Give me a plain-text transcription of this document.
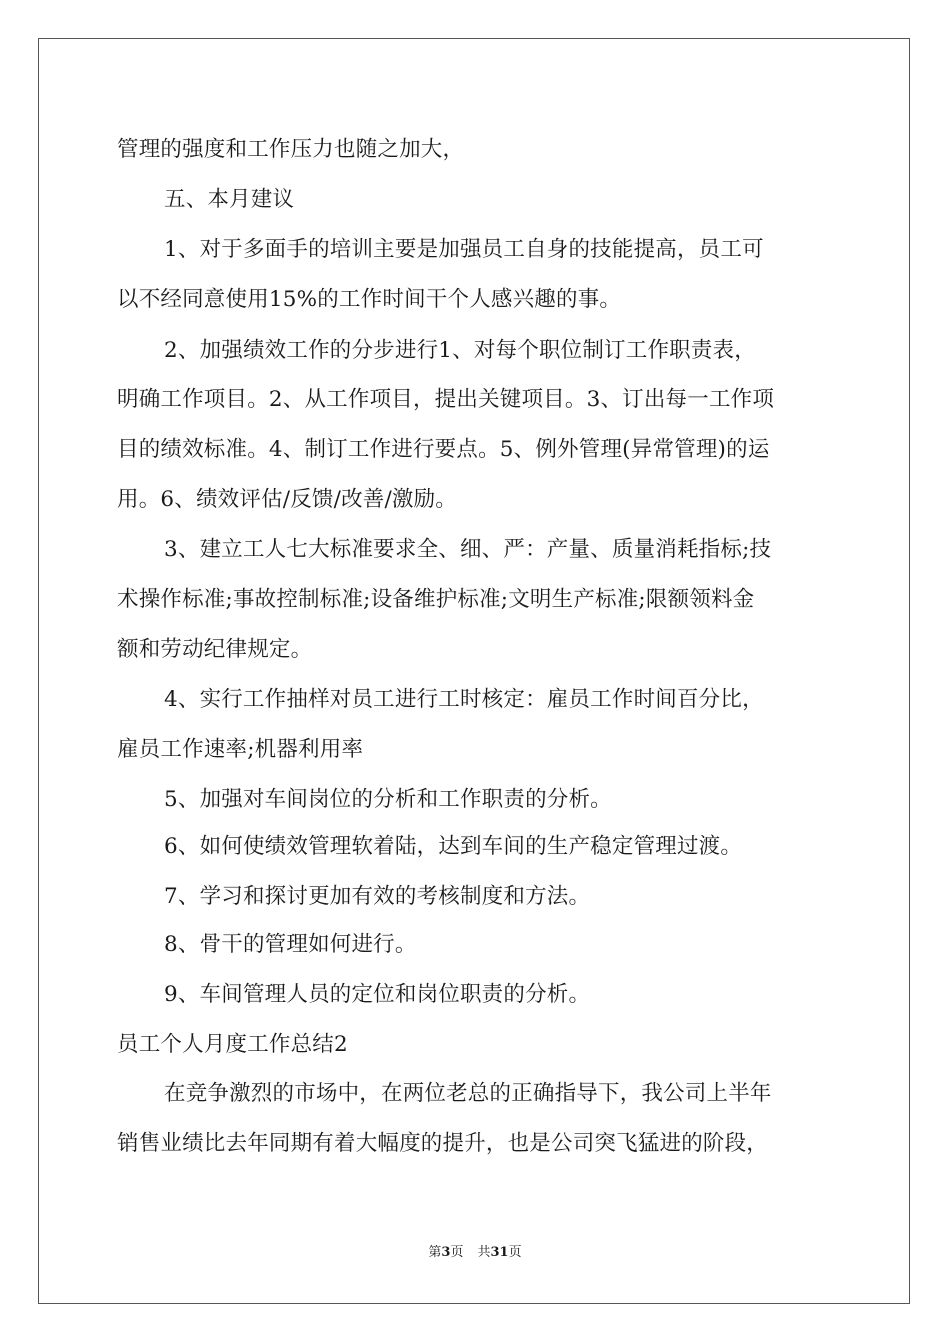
管理的强度和工作压力也随之加大，
五、本月建议
1、对于多面手的培训主要是加强员工自身的技能提高，员工可
以不经同意使用15%的工作时间干个人感兴趣的事。
2、加强绩效工作的分步进行1、对每个职位制订工作职责表，
明确工作项目。2、从工作项目，提出关键项目。3、订出每一工作项
目的绩效标准。4、制订工作进行要点。5、例外管理(异常管理)的运
用。6、绩效评估/反馈/改善/激励。
3、建立工人七大标准要求全、细、严：产量、质量消耗指标;技
术操作标准;事故控制标准;设备维护标准;文明生产标准;限额领料金
额和劳动纪律规定。
4、实行工作抽样对员工进行工时核定：雇员工作时间百分比，
雇员工作速率;机器利用率
5、加强对车间岗位的分析和工作职责的分析。
6、如何使绩效管理软着陆，达到车间的生产稳定管理过渡。
7、学习和探讨更加有效的考核制度和方法。
8、骨干的管理如何进行。
9、车间管理人员的定位和岗位职责的分析。
员工个人月度工作总结2
在竞争激烈的市场中，在两位老总的正确指导下，我公司上半年
销售业绩比去年同期有着大幅度的提升，也是公司突飞猛进的阶段，
第3页 共31页
